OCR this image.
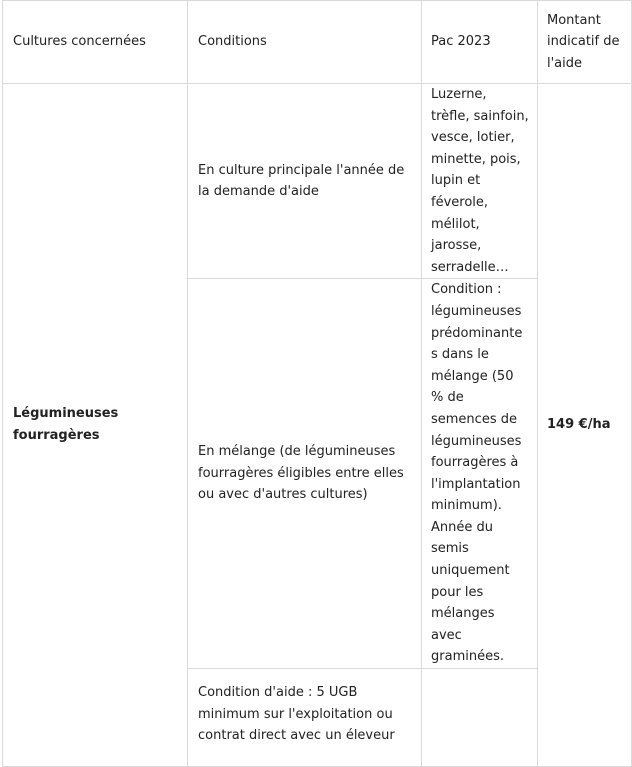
Cultures concernées	Conditions	Pac 2023	Montant indicatif de l'aide
Légumineuses fourragères	En culture principale l'année de la demande d'aide	Luzerne, trèfle, sainfoin, vesce, lotier, minette, pois, lupin et féverole, mélilot, jarosse, serradelle…	149 €/ha
	En mélange (de légumineuses fourragères éligibles entre elles ou avec d'autres cultures)	Condition : légumineuses prédominantes dans le mélange (50 % de semences de légumineuses fourragères à l'implantation minimum). Année du semis uniquement pour les mélanges avec graminées.	
	Condition d'aide : 5 UGB minimum sur l'exploitation ou contrat direct avec un éleveur		
